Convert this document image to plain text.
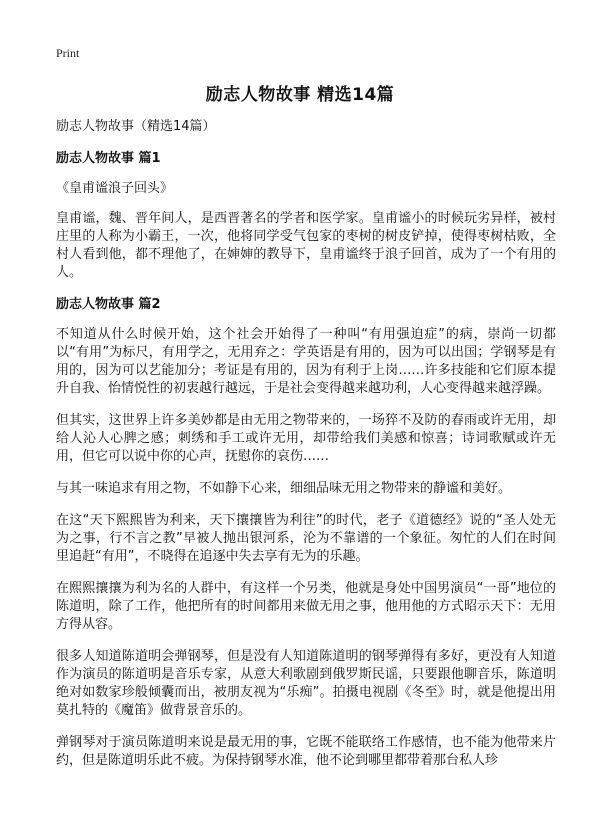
Print
励志人物故事 精选14篇
励志人物故事（精选14篇）
励志人物故事 篇1
《皇甫谧浪子回头》

皇甫谧，魏、晋年间人，是西晋著名的学者和医学家。皇甫谧小的时候玩劣异样，被村庄里的人称为小霸王，一次，他将同学受气包家的枣树的树皮铲掉，使得枣树枯败，全村人看到他，都不理他了，在婶婶的教导下，皇甫谧终于浪子回首，成为了一个有用的人。

励志人物故事 篇2

不知道从什么时候开始，这个社会开始得了一种叫“有用强迫症”的病，崇尚一切都以“有用”为标尺，有用学之，无用弃之：学英语是有用的，因为可以出国；学钢琴是有用的，因为可以艺能加分；考证是有用的，因为有利于上岗……许多技能和它们原本提升自我、怡情悦性的初衷越行越远，于是社会变得越来越功利，人心变得越来越浮躁。

但其实，这世界上许多美妙都是由无用之物带来的，一场猝不及防的春雨或许无用，却给人沁人心脾之感；刺绣和手工或许无用，却带给我们美感和惊喜；诗词歌赋或许无用，但它可以说中你的心声，抚慰你的哀伤……

与其一味追求有用之物，不如静下心来，细细品味无用之物带来的静谧和美好。

在这“天下熙熙皆为利来，天下攘攘皆为利往”的时代，老子《道德经》说的“圣人处无为之事，行不言之教”早被人抛出银河系，沦为不靠谱的一个象征。匆忙的人们在时间里追赶“有用”，不晓得在追逐中失去享有无为的乐趣。

在熙熙攘攘为利为名的人群中，有这样一个另类，他就是身处中国男演员“一哥”地位的陈道明，除了工作，他把所有的时间都用来做无用之事，他用他的方式昭示天下：无用方得从容。

很多人知道陈道明会弹钢琴，但是没有人知道陈道明的钢琴弹得有多好，更没有人知道作为演员的陈道明是音乐专家，从意大利歌剧到俄罗斯民谣，只要跟他聊音乐，陈道明绝对如数家珍般倾囊而出，被朋友视为“乐痴”。拍摄电视剧《冬至》时，就是他提出用莫扎特的《魔笛》做背景音乐的。

弹钢琴对于演员陈道明来说是最无用的事，它既不能联络工作感情，也不能为他带来片约，但是陈道明乐此不疲。为保持钢琴水准，他不论到哪里都带着那台私人珍
